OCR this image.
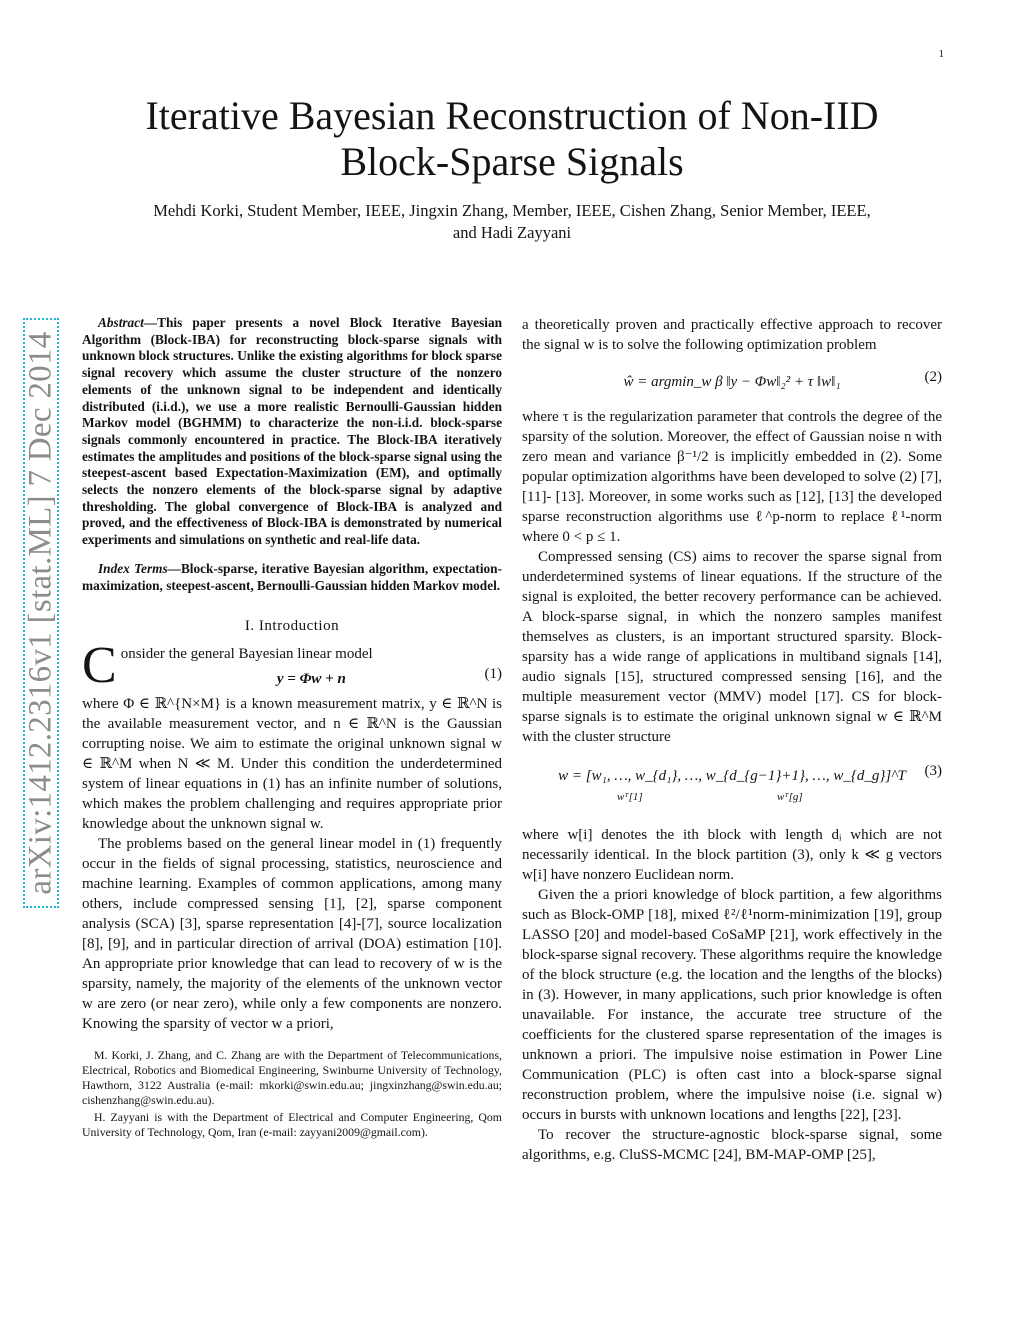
1
arXiv:1412.2316v1 [stat.ML] 7 Dec 2014
Iterative Bayesian Reconstruction of Non-IID
Block-Sparse Signals
Mehdi Korki, Student Member, IEEE, Jingxin Zhang, Member, IEEE, Cishen Zhang, Senior Member, IEEE,
and Hadi Zayyani

Abstract—This paper presents a novel Block Iterative Bayesian Algorithm (Block-IBA) for reconstructing block-sparse signals with unknown block structures. Unlike the existing algorithms for block sparse signal recovery which assume the cluster structure of the nonzero elements of the unknown signal to be independent and identically distributed (i.i.d.), we use a more realistic Bernoulli-Gaussian hidden Markov model (BGHMM) to characterize the non-i.i.d. block-sparse signals commonly encountered in practice. The Block-IBA iteratively estimates the amplitudes and positions of the block-sparse signal using the steepest-ascent based Expectation-Maximization (EM), and optimally selects the nonzero elements of the block-sparse signal by adaptive thresholding. The global convergence of Block-IBA is analyzed and proved, and the effectiveness of Block-IBA is demonstrated by numerical experiments and simulations on synthetic and real-life data.

Index Terms—Block-sparse, iterative Bayesian algorithm, expectation-maximization, steepest-ascent, Bernoulli-Gaussian hidden Markov model.

I. Introduction

Consider the general Bayesian linear model

y = Φw + n	(1)

where Φ ∈ ℝ^{N×M} is a known measurement matrix, y ∈ ℝ^N is the available measurement vector, and n ∈ ℝ^N is the Gaussian corrupting noise. We aim to estimate the original unknown signal w ∈ ℝ^M when N ≪ M. Under this condition the underdetermined system of linear equations in (1) has an infinite number of solutions, which makes the problem challenging and requires appropriate prior knowledge about the unknown signal w.

The problems based on the general linear model in (1) frequently occur in the fields of signal processing, statistics, neuroscience and machine learning. Examples of common applications, among many others, include compressed sensing [1], [2], sparse component analysis (SCA) [3], sparse representation [4]-[7], source localization [8], [9], and in particular direction of arrival (DOA) estimation [10]. An appropriate prior knowledge that can lead to recovery of w is the sparsity, namely, the majority of the elements of the unknown vector w are zero (or near zero), while only a few components are nonzero. Knowing the sparsity of vector w a priori,

M. Korki, J. Zhang, and C. Zhang are with the Department of Telecommunications, Electrical, Robotics and Biomedical Engineering, Swinburne University of Technology, Hawthorn, 3122 Australia (e-mail: mkorki@swin.edu.au; jingxinzhang@swin.edu.au; cishenzhang@swin.edu.au).

H. Zayyani is with the Department of Electrical and Computer Engineering, Qom University of Technology, Qom, Iran (e-mail: zayyani2009@gmail.com).

a theoretically proven and practically effective approach to recover the signal w is to solve the following optimization problem

ŵ = argmin_w β ‖y − Φw‖₂² + τ ‖w‖₁	(2)

where τ is the regularization parameter that controls the degree of the sparsity of the solution. Moreover, the effect of Gaussian noise n with zero mean and variance β⁻¹/2 is implicitly embedded in (2). Some popular optimization algorithms have been developed to solve (2) [7], [11]- [13]. Moreover, in some works such as [12], [13] the developed sparse reconstruction algorithms use ℓ^p-norm to replace ℓ¹-norm where 0 < p ≤ 1.

Compressed sensing (CS) aims to recover the sparse signal from underdetermined systems of linear equations. If the structure of the signal is exploited, the better recovery performance can be achieved. A block-sparse signal, in which the nonzero samples manifest themselves as clusters, is an important structured sparsity. Block-sparsity has a wide range of applications in multiband signals [14], audio signals [15], structured compressed sensing [16], and the multiple measurement vector (MMV) model [17]. CS for block-sparse signals is to estimate the original unknown signal w ∈ ℝ^M with the cluster structure

w = [w₁, …, w_{d₁}, …, w_{d_{g−1}+1}, …, w_{d_g}]^T (3)
wᵀ[1]	wᵀ[g]

where w[i] denotes the ith block with length dᵢ which are not necessarily identical. In the block partition (3), only k ≪ g vectors w[i] have nonzero Euclidean norm.

Given the a priori knowledge of block partition, a few algorithms such as Block-OMP [18], mixed ℓ²/ℓ¹norm-minimization [19], group LASSO [20] and model-based CoSaMP [21], work effectively in the block-sparse signal recovery. These algorithms require the knowledge of the block structure (e.g. the location and the lengths of the blocks) in (3). However, in many applications, such prior knowledge is often unavailable. For instance, the accurate tree structure of the coefficients for the clustered sparse representation of the images is unknown a priori. The impulsive noise estimation in Power Line Communication (PLC) is often cast into a block-sparse signal reconstruction problem, where the impulsive noise (i.e. signal w) occurs in bursts with unknown locations and lengths [22], [23].

To recover the structure-agnostic block-sparse signal, some algorithms, e.g. CluSS-MCMC [24], BM-MAP-OMP [25],
